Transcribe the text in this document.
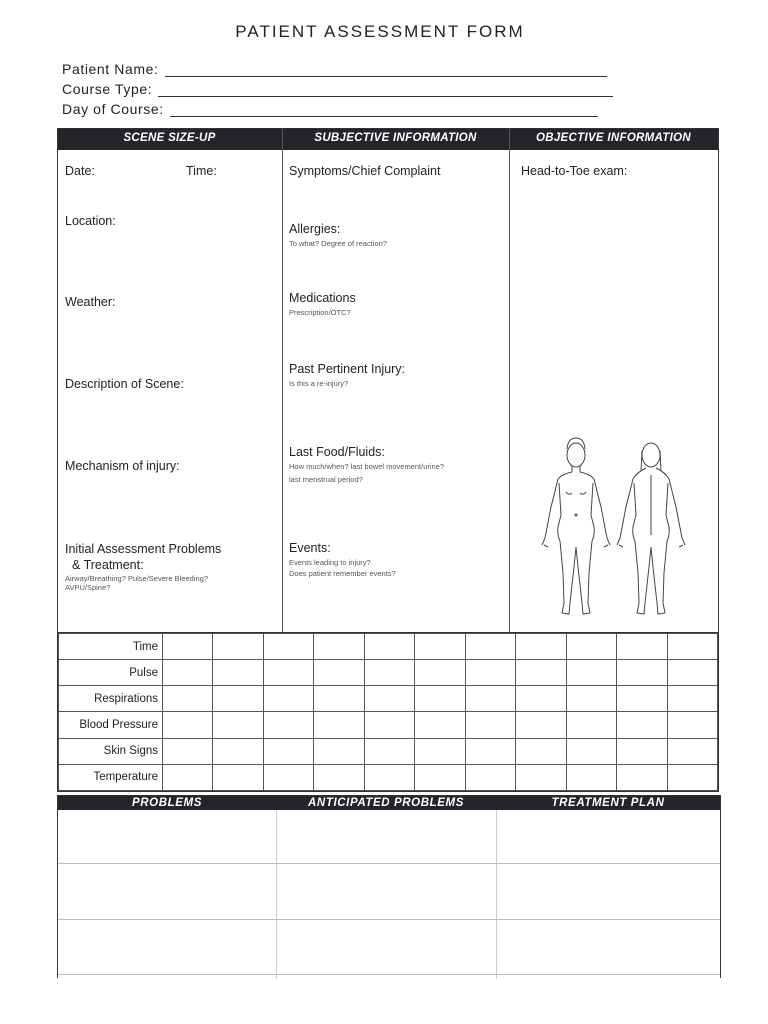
PATIENT ASSESSMENT FORM
Patient Name:
Course Type:
Day of Course:
SCENE SIZE-UP	SUBJECTIVE INFORMATION	OBJECTIVE INFORMATION
Date:	Time:
Location:
Weather:
Description of Scene:
Mechanism of injury:
Initial Assessment Problems
& Treatment:
Airway/Breathing? Pulse/Severe Bleeding?
AVPU/Spine?
Symptoms/Chief Complaint
Allergies:
To what? Degree of reaction?
Medications
Prescription/OTC?
Past Pertinent Injury:
Is this a re-injury?
Last Food/Fluids:
How much/when? last bowel movement/urine?
last menstrual period?
Events:
Events leading to injury?
Does patient remember events?
Head-to-Toe exam:
Time											
Pulse											
Respirations											
Blood Pressure											
Skin Signs											
Temperature											
PROBLEMS	ANTICIPATED PROBLEMS	TREATMENT PLAN
